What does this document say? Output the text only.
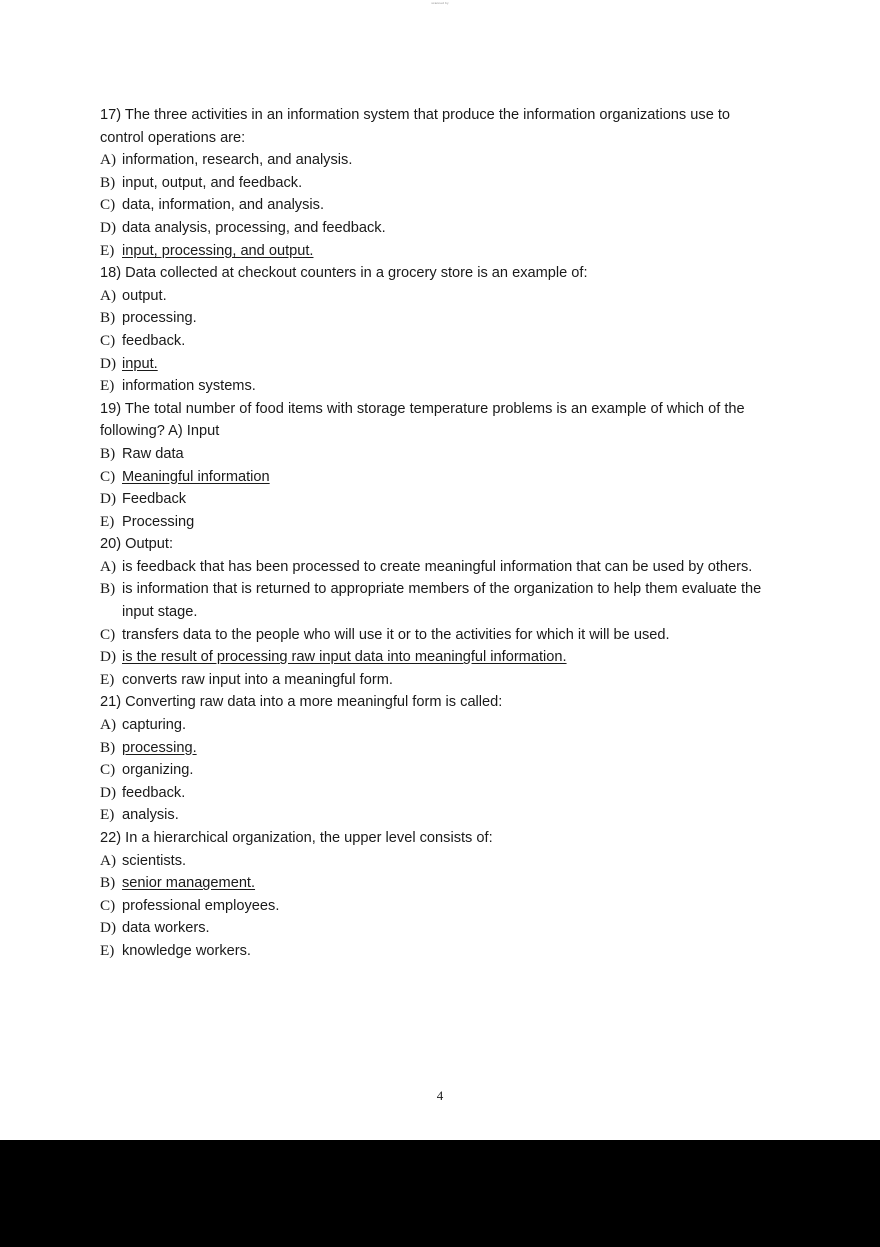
scanned by
17) The three activities in an information system that produce the information organizations use to control operations are:
A) information, research, and analysis.
B) input, output, and feedback.
C) data, information, and analysis.
D) data analysis, processing, and feedback.
E) input, processing, and output.
18) Data collected at checkout counters in a grocery store is an example of:
A) output.
B) processing.
C) feedback.
D) input.
E) information systems.
19) The total number of food items with storage temperature problems is an example of which of the following? A) Input
B) Raw data
C) Meaningful information
D) Feedback
E) Processing
20) Output:
A) is feedback that has been processed to create meaningful information that can be used by others.
B) is information that is returned to appropriate members of the organization to help them evaluate the input stage.
C) transfers data to the people who will use it or to the activities for which it will be used.
D) is the result of processing raw input data into meaningful information.
E) converts raw input into a meaningful form.
21) Converting raw data into a more meaningful form is called:
A) capturing.
B) processing.
C) organizing.
D) feedback.
E) analysis.
22) In a hierarchical organization, the upper level consists of:
A) scientists.
B) senior management.
C) professional employees.
D) data workers.
E) knowledge workers.
4
